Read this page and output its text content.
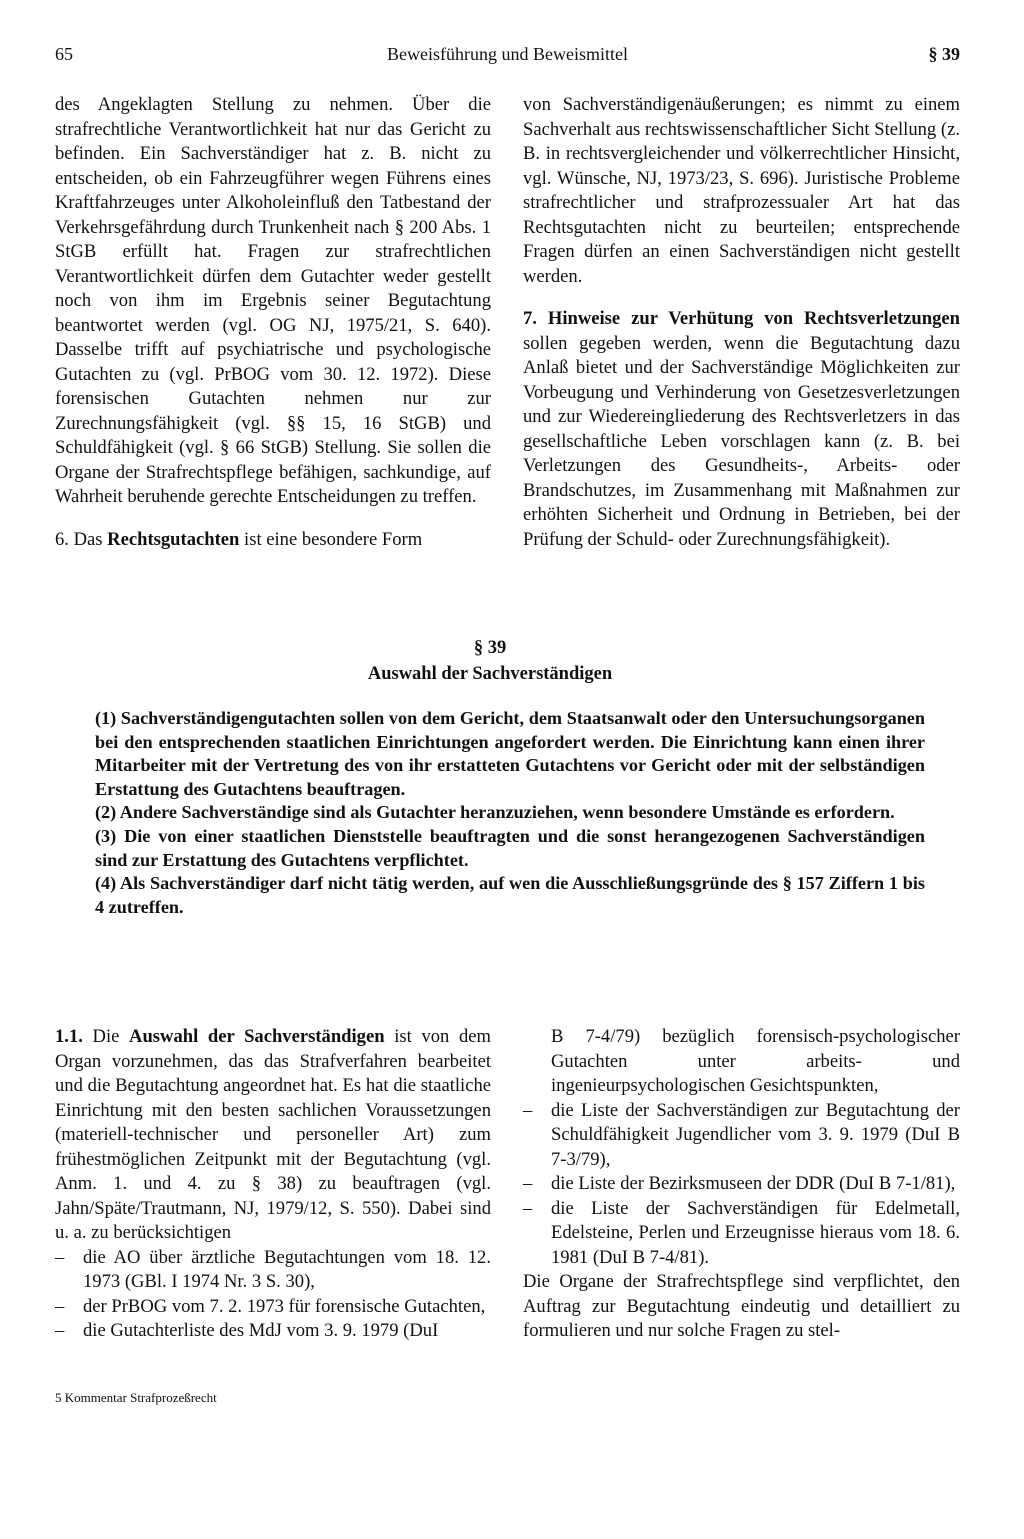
65	Beweisführung und Beweismittel	§ 39

des Angeklagten Stellung zu nehmen. Über die strafrechtliche Verantwortlichkeit hat nur das Gericht zu befinden. Ein Sachverständiger hat z. B. nicht zu entscheiden, ob ein Fahrzeugführer wegen Führens eines Kraftfahrzeuges unter Alkoholeinfluß den Tatbestand der Verkehrsgefährdung durch Trunkenheit nach § 200 Abs. 1 StGB erfüllt hat. Fragen zur strafrechtlichen Verantwortlichkeit dürfen dem Gutachter weder gestellt noch von ihm im Ergebnis seiner Begutachtung beantwortet werden (vgl. OG NJ, 1975/21, S. 640). Dasselbe trifft auf psychiatrische und psychologische Gutachten zu (vgl. PrBOG vom 30. 12. 1972). Diese forensischen Gutachten nehmen nur zur Zurechnungsfähigkeit (vgl. §§ 15, 16 StGB) und Schuldfähigkeit (vgl. § 66 StGB) Stellung. Sie sollen die Organe der Strafrechtspflege befähigen, sachkundige, auf Wahrheit beruhende gerechte Entscheidungen zu treffen.

6. Das Rechtsgutachten ist eine besondere Form

von Sachverständigenäußerungen; es nimmt zu einem Sachverhalt aus rechtswissenschaftlicher Sicht Stellung (z. B. in rechtsvergleichender und völkerrechtlicher Hinsicht, vgl. Wünsche, NJ, 1973/23, S. 696). Juristische Probleme strafrechtlicher und strafprozessualer Art hat das Rechtsgutachten nicht zu beurteilen; entsprechende Fragen dürfen an einen Sachverständigen nicht gestellt werden.

7. Hinweise zur Verhütung von Rechtsverletzungen sollen gegeben werden, wenn die Begutachtung dazu Anlaß bietet und der Sachverständige Möglichkeiten zur Vorbeugung und Verhinderung von Gesetzesverletzungen und zur Wiedereingliederung des Rechtsverletzers in das gesellschaftliche Leben vorschlagen kann (z. B. bei Verletzungen des Gesundheits-, Arbeits- oder Brandschutzes, im Zusammenhang mit Maßnahmen zur erhöhten Sicherheit und Ordnung in Betrieben, bei der Prüfung der Schuld- oder Zurechnungsfähigkeit).

§ 39
Auswahl der Sachverständigen

(1) Sachverständigengutachten sollen von dem Gericht, dem Staatsanwalt oder den Untersuchungsorganen bei den entsprechenden staatlichen Einrichtungen angefordert werden. Die Einrichtung kann einen ihrer Mitarbeiter mit der Vertretung des von ihr erstatteten Gutachtens vor Gericht oder mit der selbständigen Erstattung des Gutachtens beauftragen.

(2) Andere Sachverständige sind als Gutachter heranzuziehen, wenn besondere Umstände es erfordern.

(3) Die von einer staatlichen Dienststelle beauftragten und die sonst herangezogenen Sachverständigen sind zur Erstattung des Gutachtens verpflichtet.

(4) Als Sachverständiger darf nicht tätig werden, auf wen die Ausschließungsgründe des § 157 Ziffern 1 bis 4 zutreffen.

1.1. Die Auswahl der Sachverständigen ist von dem Organ vorzunehmen, das das Strafverfahren bearbeitet und die Begutachtung angeordnet hat. Es hat die staatliche Einrichtung mit den besten sachlichen Voraussetzungen (materiell-technischer und personeller Art) zum frühestmöglichen Zeitpunkt mit der Begutachtung (vgl. Anm. 1. und 4. zu § 38) zu beauftragen (vgl. Jahn/Späte/Trautmann, NJ, 1979/12, S. 550). Dabei sind u. a. zu berücksichtigen

–	die AO über ärztliche Begutachtungen vom 18. 12. 1973 (GBl. I 1974 Nr. 3 S. 30),
–	der PrBOG vom 7. 2. 1973 für forensische Gutachten,
–	die Gutachterliste des MdJ vom 3. 9. 1979 (DuI

B 7-4/79) bezüglich forensisch-psychologischer Gutachten unter arbeits- und ingenieurpsychologischen Gesichtspunkten,

–	die Liste der Sachverständigen zur Begutachtung der Schuldfähigkeit Jugendlicher vom 3. 9. 1979 (DuI B 7-3/79),
–	die Liste der Bezirksmuseen der DDR (DuI B 7-1/81),
–	die Liste der Sachverständigen für Edelmetall, Edelsteine, Perlen und Erzeugnisse hieraus vom 18. 6. 1981 (DuI B 7-4/81).

Die Organe der Strafrechtspflege sind verpflichtet, den Auftrag zur Begutachtung eindeutig und detailliert zu formulieren und nur solche Fragen zu stel-

5 Kommentar Strafprozeßrecht
